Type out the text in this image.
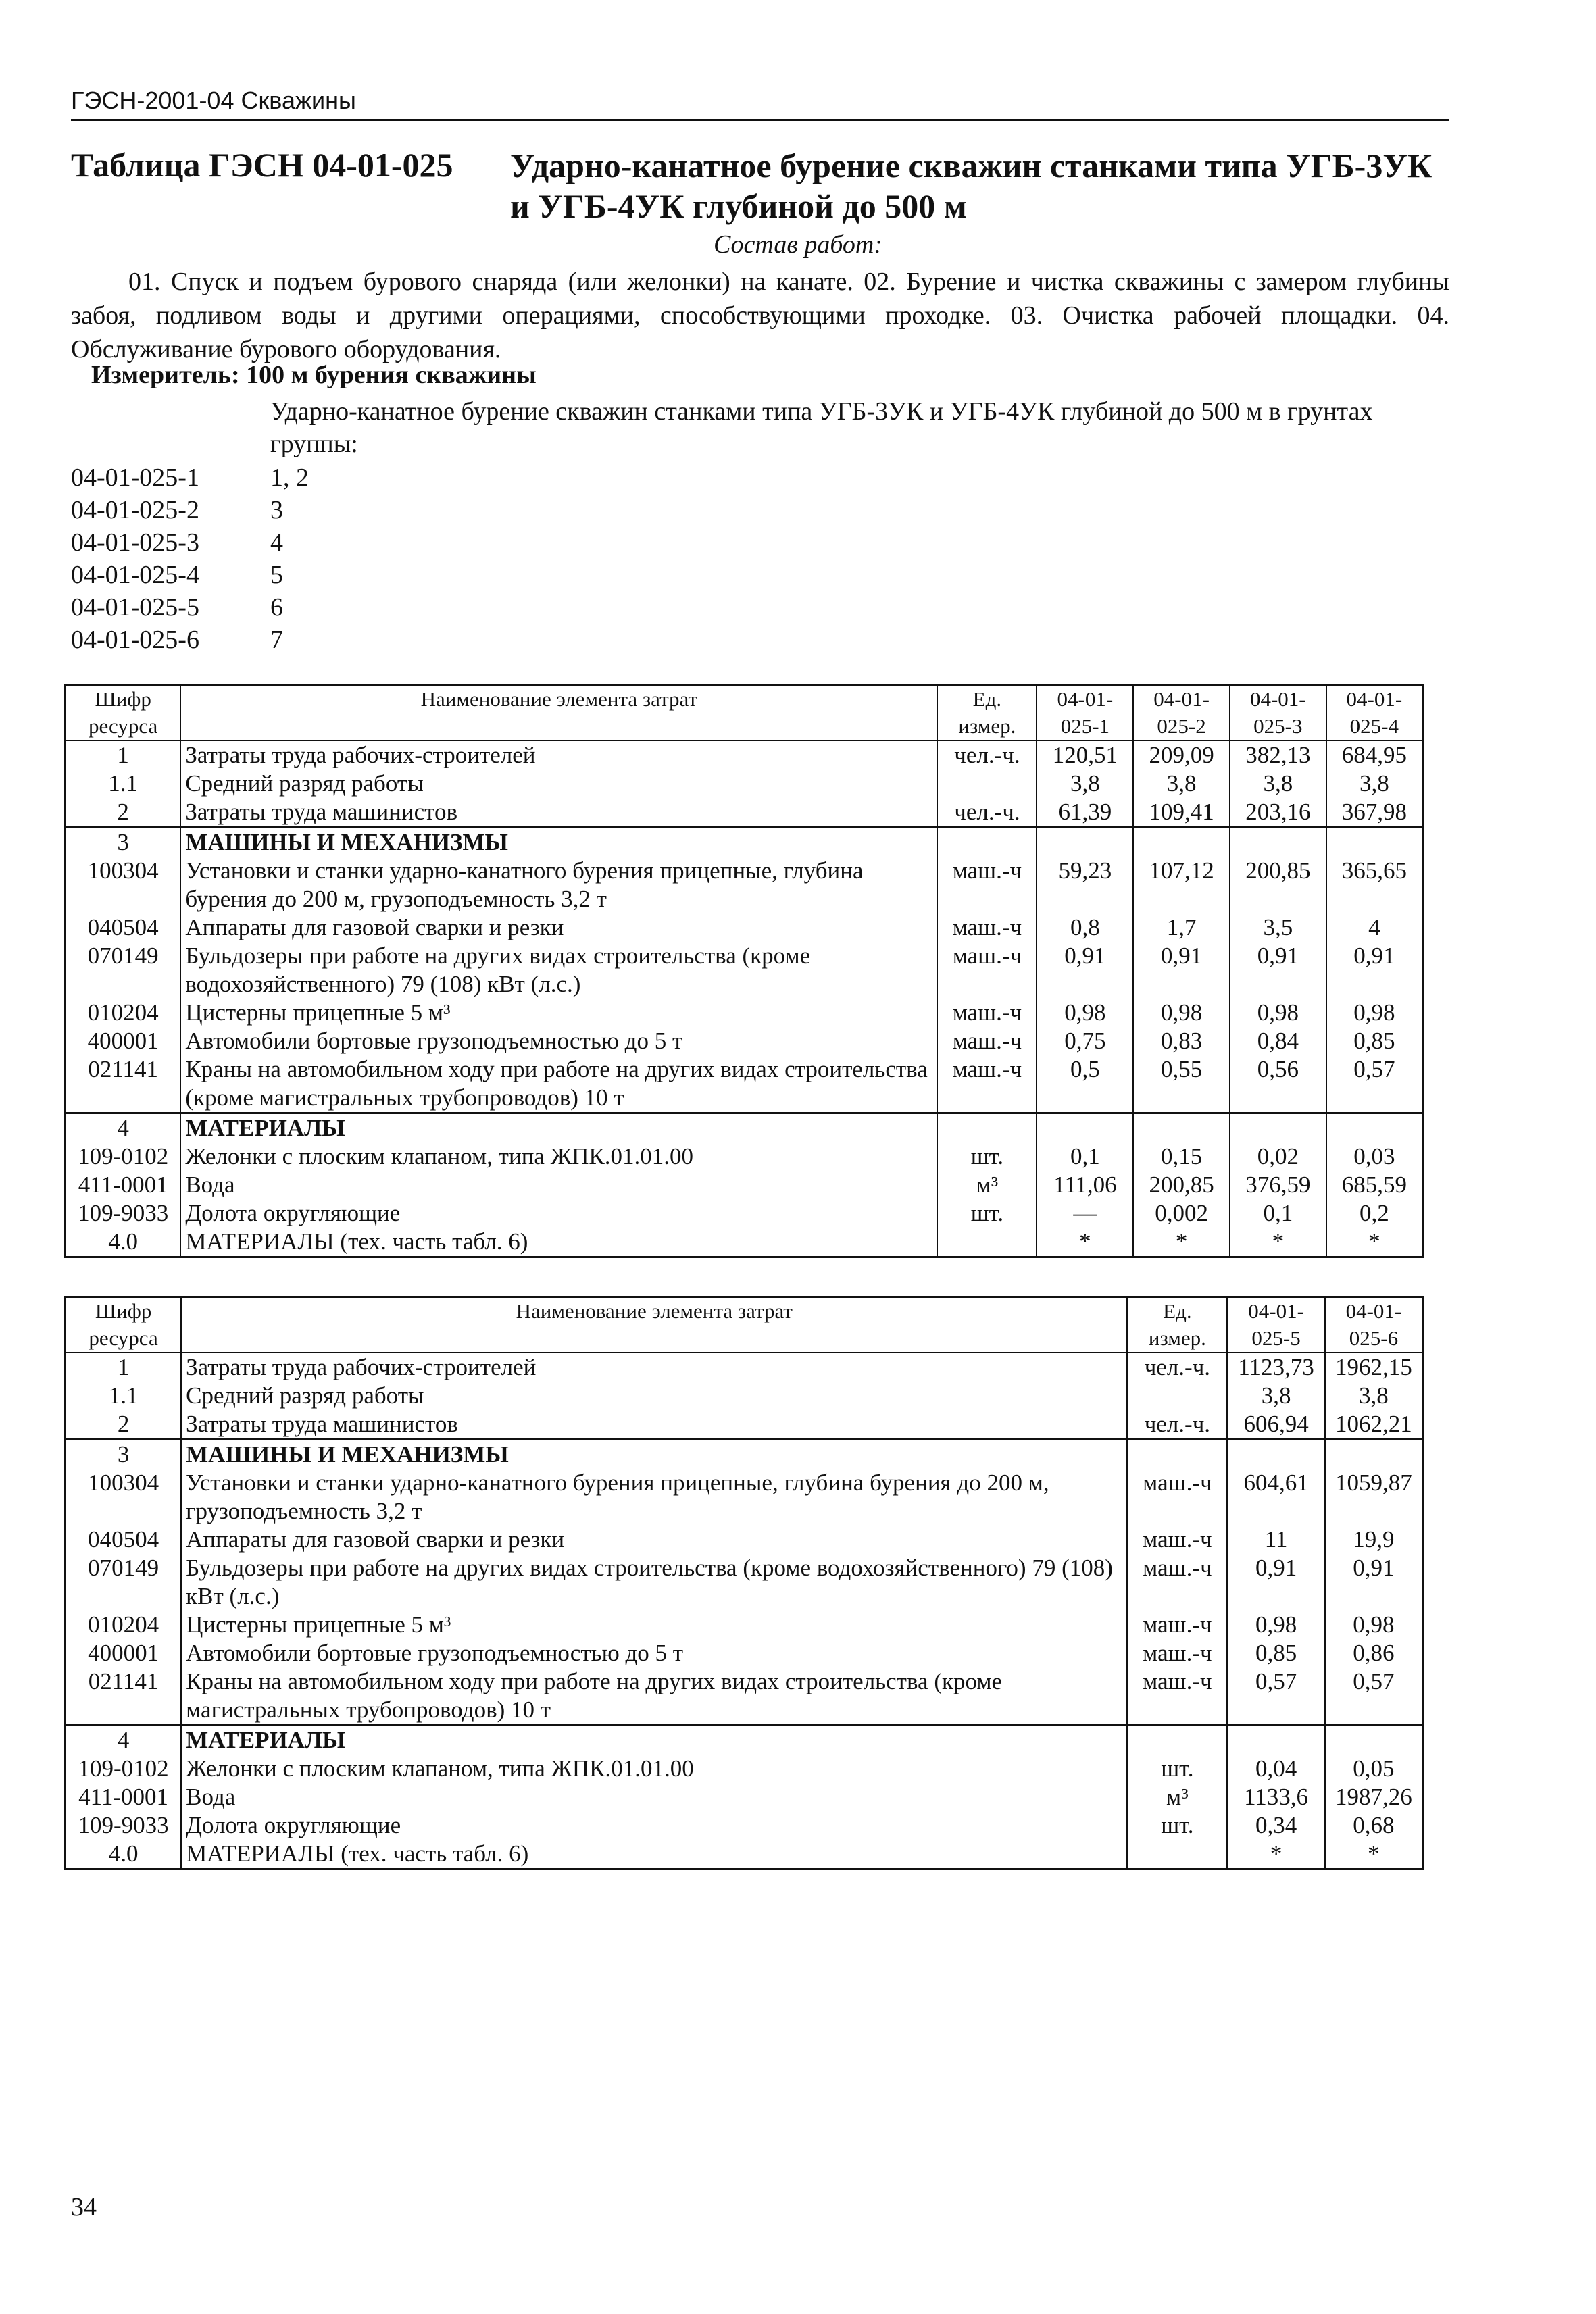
ГЭСН-2001-04 Скважины
Таблица ГЭСН 04-01-025 Ударно-канатное бурение скважин станками типа УГБ-3УК и УГБ-4УК глубиной до 500 м
Состав работ:
01. Спуск и подъем бурового снаряда (или желонки) на канате. 02. Бурение и чистка скважины с замером глубины забоя, подливом воды и другими операциями, способствующими проходке. 03. Очистка рабочей площадки. 04. Обслуживание бурового оборудования.
Измеритель: 100 м бурения скважины
Ударно-канатное бурение скважин станками типа УГБ-3УК и УГБ-4УК глубиной до 500 м в грунтах группы:
04-01-025-1	1, 2
04-01-025-2	3
04-01-025-3	4
04-01-025-4	5
04-01-025-5	6
04-01-025-6	7
Шифр ресурса	Наименование элемента затрат	Ед. измер.	04-01-025-1	04-01-025-2	04-01-025-3	04-01-025-4
1	Затраты труда рабочих-строителей	чел.-ч.	120,51	209,09	382,13	684,95
1.1	Средний разряд работы		3,8	3,8	3,8	3,8
2	Затраты труда машинистов	чел.-ч.	61,39	109,41	203,16	367,98
3	МАШИНЫ И МЕХАНИЗМЫ					
100304	Установки и станки ударно-канатного бурения прицепные, глубина бурения до 200 м, грузоподъемность 3,2 т	маш.-ч	59,23	107,12	200,85	365,65
040504	Аппараты для газовой сварки и резки	маш.-ч	0,8	1,7	3,5	4
070149	Бульдозеры при работе на других видах строительства (кроме водохозяйственного) 79 (108) кВт (л.с.)	маш.-ч	0,91	0,91	0,91	0,91
010204	Цистерны прицепные 5 м³	маш.-ч	0,98	0,98	0,98	0,98
400001	Автомобили бортовые грузоподъемностью до 5 т	маш.-ч	0,75	0,83	0,84	0,85
021141	Краны на автомобильном ходу при работе на других видах строительства (кроме магистральных трубопроводов) 10 т	маш.-ч	0,5	0,55	0,56	0,57
4	МАТЕРИАЛЫ					
109-0102	Желонки с плоским клапаном, типа ЖПК.01.01.00	шт.	0,1	0,15	0,02	0,03
411-0001	Вода	м³	111,06	200,85	376,59	685,59
109-9033	Долота округляющие	шт.	—	0,002	0,1	0,2
4.0	МАТЕРИАЛЫ (тех. часть табл. 6)		*	*	*	*
Шифр ресурса	Наименование элемента затрат	Ед. измер.	04-01-025-5	04-01-025-6
1	Затраты труда рабочих-строителей	чел.-ч.	1123,73	1962,15
1.1	Средний разряд работы		3,8	3,8
2	Затраты труда машинистов	чел.-ч.	606,94	1062,21
3	МАШИНЫ И МЕХАНИЗМЫ			
100304	Установки и станки ударно-канатного бурения прицепные, глубина бурения до 200 м, грузоподъемность 3,2 т	маш.-ч	604,61	1059,87
040504	Аппараты для газовой сварки и резки	маш.-ч	11	19,9
070149	Бульдозеры при работе на других видах строительства (кроме водохозяйственного) 79 (108) кВт (л.с.)	маш.-ч	0,91	0,91
010204	Цистерны прицепные 5 м³	маш.-ч	0,98	0,98
400001	Автомобили бортовые грузоподъемностью до 5 т	маш.-ч	0,85	0,86
021141	Краны на автомобильном ходу при работе на других видах строительства (кроме магистральных трубопроводов) 10 т	маш.-ч	0,57	0,57
4	МАТЕРИАЛЫ			
109-0102	Желонки с плоским клапаном, типа ЖПК.01.01.00	шт.	0,04	0,05
411-0001	Вода	м³	1133,6	1987,26
109-9033	Долота округляющие	шт.	0,34	0,68
4.0	МАТЕРИАЛЫ (тех. часть табл. 6)		*	*
34
